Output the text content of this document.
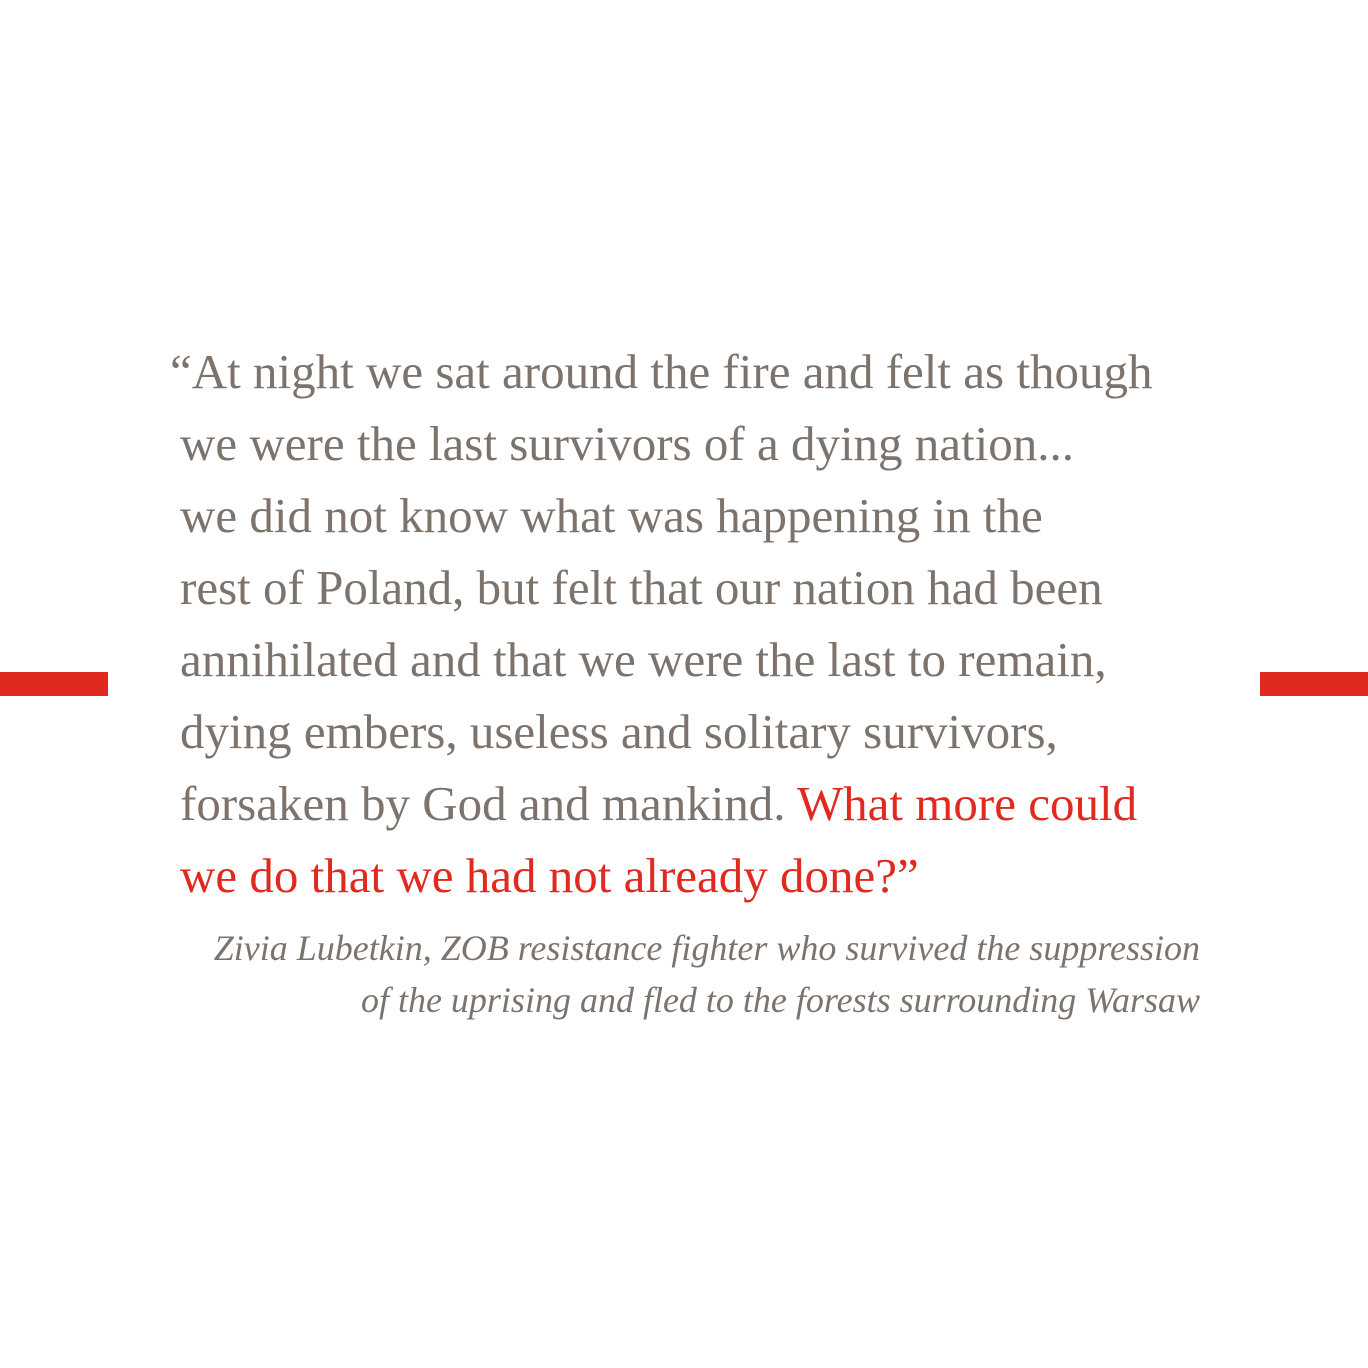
“At night we sat around the fire and felt as though
we were the last survivors of a dying nation...
we did not know what was happening in the
rest of Poland, but felt that our nation had been
annihilated and that we were the last to remain,
dying embers, useless and solitary survivors,
forsaken by God and mankind. What more could
we do that we had not already done?”
Zivia Lubetkin, ZOB resistance fighter who survived the suppression
of the uprising and fled to the forests surrounding Warsaw
